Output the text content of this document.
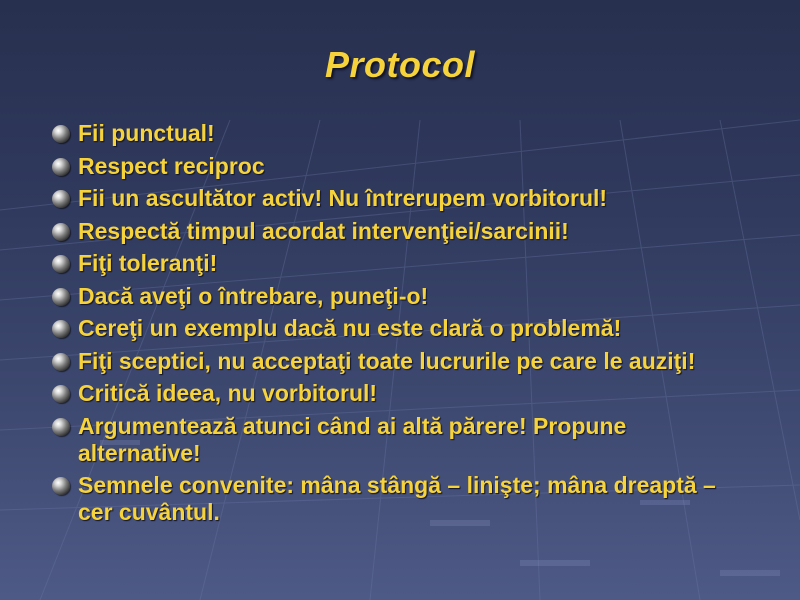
Protocol
Fii punctual!
Respect reciproc
Fii un ascultător activ! Nu întrerupem vorbitorul!
Respectă timpul acordat intervenţiei/sarcinii!
Fiţi toleranţi!
Dacă aveţi o întrebare, puneţi-o!
Cereţi un exemplu dacă nu este clară o problemă!
Fiţi sceptici, nu acceptaţi toate lucrurile pe care le auziţi!
Critică ideea, nu vorbitorul!
Argumentează atunci când ai altă părere! Propune alternative!
Semnele convenite: mâna stângă – linişte; mâna dreaptă – cer cuvântul.
